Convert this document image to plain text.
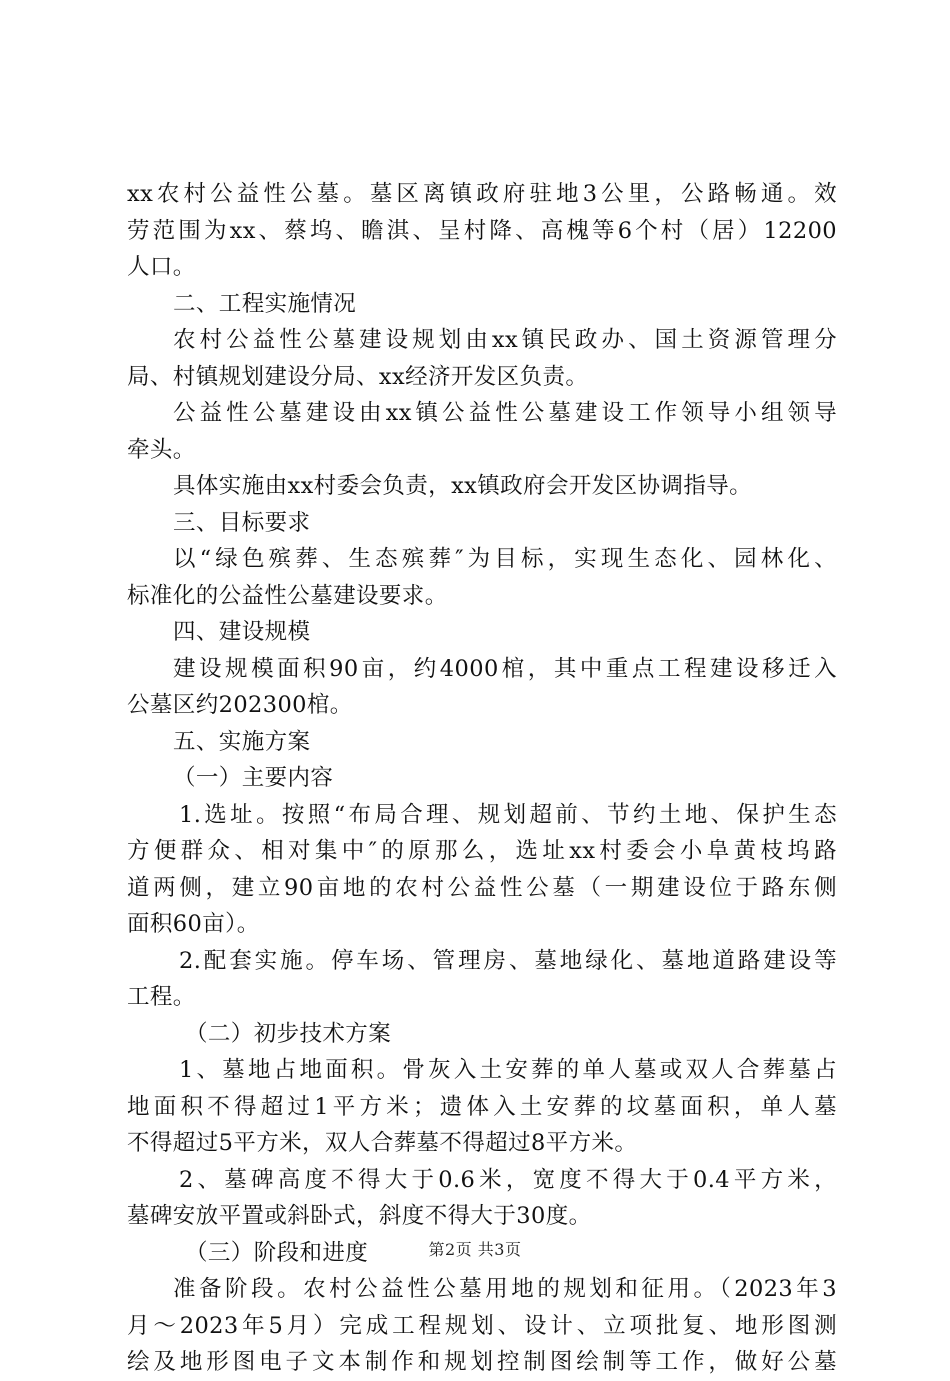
xx农村公益性公墓。墓区离镇政府驻地3公里，公路畅通。效
劳范围为xx、蔡坞、瞻淇、呈村降、高槐等6个村（居）12200
人口。
二、工程实施情况
农村公益性公墓建设规划由xx镇民政办、国土资源管理分
局、村镇规划建设分局、xx经济开发区负责。
公益性公墓建设由xx镇公益性公墓建设工作领导小组领导
牵头。
具体实施由xx村委会负责，xx镇政府会开发区协调指导。
三、目标要求
以“绿色殡葬、生态殡葬″为目标，实现生态化、园林化、
标准化的公益性公墓建设要求。
四、建设规模
建设规模面积90亩，约4000棺，其中重点工程建设移迁入
公墓区约202300棺。
五、实施方案
（一）主要内容
1.选址。按照“布局合理、规划超前、节约土地、保护生态
方便群众、相对集中″的原那么，选址xx村委会小阜黄枝坞路
道两侧，建立90亩地的农村公益性公墓（一期建设位于路东侧
面积60亩）。
2.配套实施。停车场、管理房、墓地绿化、墓地道路建设等
工程。
（二）初步技术方案
1、墓地占地面积。骨灰入土安葬的单人墓或双人合葬墓占
地面积不得超过1平方米；遗体入土安葬的坟墓面积，单人墓
不得超过5平方米，双人合葬墓不得超过8平方米。
2、墓碑高度不得大于0.6米，宽度不得大于0.4平方米，
墓碑安放平置或斜卧式，斜度不得大于30度。
（三）阶段和进度
准备阶段。农村公益性公墓用地的规划和征用。（2023年3
月～2023年5月）完成工程规划、设计、立项批复、地形图测
绘及地形图电子文本制作和规划控制图绘制等工作，做好公墓
第2页 共3页
